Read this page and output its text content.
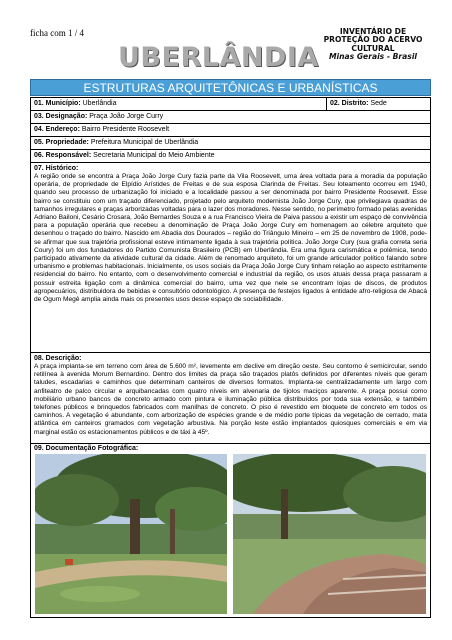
ficha com 1 / 4
UBERLÂNDIA
INVENTÁRIO DE
PROTEÇÃO DO ACERVO
CULTURAL
Minas Gerais - Brasil
ESTRUTURAS ARQUITETÔNICAS E URBANÍSTICAS
01. Município: Uberlândia	02. Distrito: Sede
03. Designação: Praça João Jorge Curry
04. Endereço: Bairro Presidente Roosevelt
05. Propriedade: Prefeitura Municipal de Uberlândia
06. Responsável: Secretaria Municipal do Meio Ambiente
07. Histórico:

A região onde se encontra a Praça João Jorge Cury fazia parte da Vila Roosevelt, uma área voltada para a moradia da população operária, de propriedade de Elpídio Arístides de Freitas e de sua esposa Clarinda de Freitas. Seu loteamento ocorreu em 1940, quando seu processo de urbanização foi iniciado e a localidade passou a ser denominada por bairro Presidente Roosevelt. Esse bairro se constituiu com um traçado diferenciado, projetado pelo arquiteto modernista João Jorge Cury, que privilegiava quadras de tamanhos irregulares e praças arborizadas voltadas para o lazer dos moradores. Nesse sentido, no perímetro formado pelas avenidas Adriano Bailoni, Cesário Crosara, João Bernardes Souza e a rua Francisco Vieira de Paiva passou a existir um espaço de convivência para a população operária que recebeu a denominação de Praça João Jorge Cury em homenagem ao célebre arquiteto que desenhou o traçado do bairro. Nascido em Abadia dos Dourados – região do Triângulo Mineiro – em 25 de novembro de 1908, pode-se afirmar que sua trajetória profissional esteve intimamente ligada à sua trajetória política. João Jorge Cury (sua grafia correta seria Coury) foi um dos fundadores do Partido Comunista Brasileiro (PCB) em Uberlândia. Era uma figura carismática e polêmica, tendo participado ativamente da atividade cultural da cidade. Além de renomado arquiteto, foi um grande articulador político falando sobre urbanismo e problemas habitacionais. Inicialmente, os usos sociais da Praça João Jorge Cury tinham relação ao aspecto estritamente residencial do bairro. No entanto, com o desenvolvimento comercial e industrial da região, os usos atuais dessa praça passaram a possuir estreita ligação com a dinâmica comercial do bairro, uma vez que nele se encontram lojas de discos, de produtos agropecuários, distribuidora de bebidas e consultório odontológico. A presença de festejos ligados à entidade afro-religiosa de Abacá de Ogum Megê amplia ainda mais os presentes usos desse espaço de sociabilidade.

08. Descrição:

A praça implanta-se em terreno com área de 5.600 m², levemente em declive em direção oeste. Seu contorno é semicircular, sendo retilínea à avenida Morum Bernardino. Dentro dos limites da praça são traçados platôs definidos por diferentes níveis que geram taludes, escadarias e caminhos que determinam canteiros de diversos formatos. Implanta-se centralizadamente um largo com anfiteatro de palco circular e arquibancadas com quatro níveis em alvenaria de tijolos maciços aparente. A praça possui como mobiliário urbano bancos de concreto armado com pintura e iluminação pública distribuídos por toda sua extensão, e também telefones públicos e brinquedos fabricados com manilhas de concreto. O piso é revestido em bloquete de concreto em todos os caminhos. A vegetação é abundante, com arborização de espécies grande e de médio porte típicas da vegetação de cerrado, mata atlântica em canteiros gramados com vegetação arbustiva. Na porção leste estão implantados quiosques comerciais e em via marginal estão os estacionamentos públicos e de táxi à 45º.

09. Documentação Fotográfica:
